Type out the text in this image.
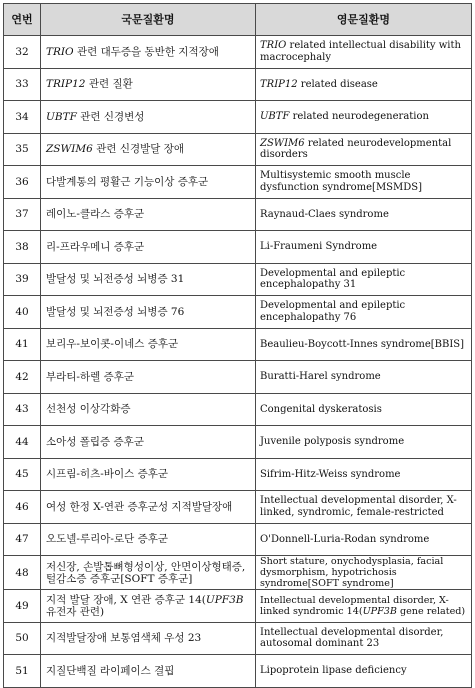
연번	국문질환명	영문질환명
32	TRIO 관련 대두증을 동반한 지적장애	TRIO related intellectual disability with macrocephaly
33	TRIP12 관련 질환	TRIP12 related disease
34	UBTF 관련 신경변성	UBTF related neurodegeneration
35	ZSWIM6 관련 신경발달 장애	ZSWIM6 related neurodevelopmental disorders
36	다발계통의 평활근 기능이상 증후군	Multisystemic smooth muscle dysfunction syndrome[MSMDS]
37	레이노-클라스 증후군	Raynaud-Claes syndrome
38	리-프라우메니 증후군	Li-Fraumeni Syndrome
39	발달성 및 뇌전증성 뇌병증 31	Developmental and epileptic encephalopathy 31
40	발달성 및 뇌전증성 뇌병증 76	Developmental and epileptic encephalopathy 76
41	보리우-보이콧-이네스 증후군	Beaulieu-Boycott-Innes syndrome[BBIS]
42	부라티-하렐 증후군	Buratti-Harel syndrome
43	선천성 이상각화증	Congenital dyskeratosis
44	소아성 폴립증 증후군	Juvenile polyposis syndrome
45	시프림-히츠-바이스 증후군	Sifrim-Hitz-Weiss syndrome
46	여성 한정 X-연관 증후군성 지적발달장애	Intellectual developmental disorder, X-linked, syndromic, female-restricted
47	오도넬-루리아-로단 증후군	O'Donnell-Luria-Rodan syndrome
48	저신장, 손발톱뼈형성이상, 안면이상형태증, 털감소증 증후군[SOFT 증후군]	Short stature, onychodysplasia, facial dysmorphism, hypotrichosis syndrome[SOFT syndrome]
49	지적 발달 장애, X 연관 증후군 14(UPF3B 유전자 관련)	Intellectual developmental disorder, X-linked syndromic 14(UPF3B gene related)
50	지적발달장애 보통염색체 우성 23	Intellectual developmental disorder, autosomal dominant 23
51	지질단백질 라이페이스 결핍	Lipoprotein lipase deficiency
